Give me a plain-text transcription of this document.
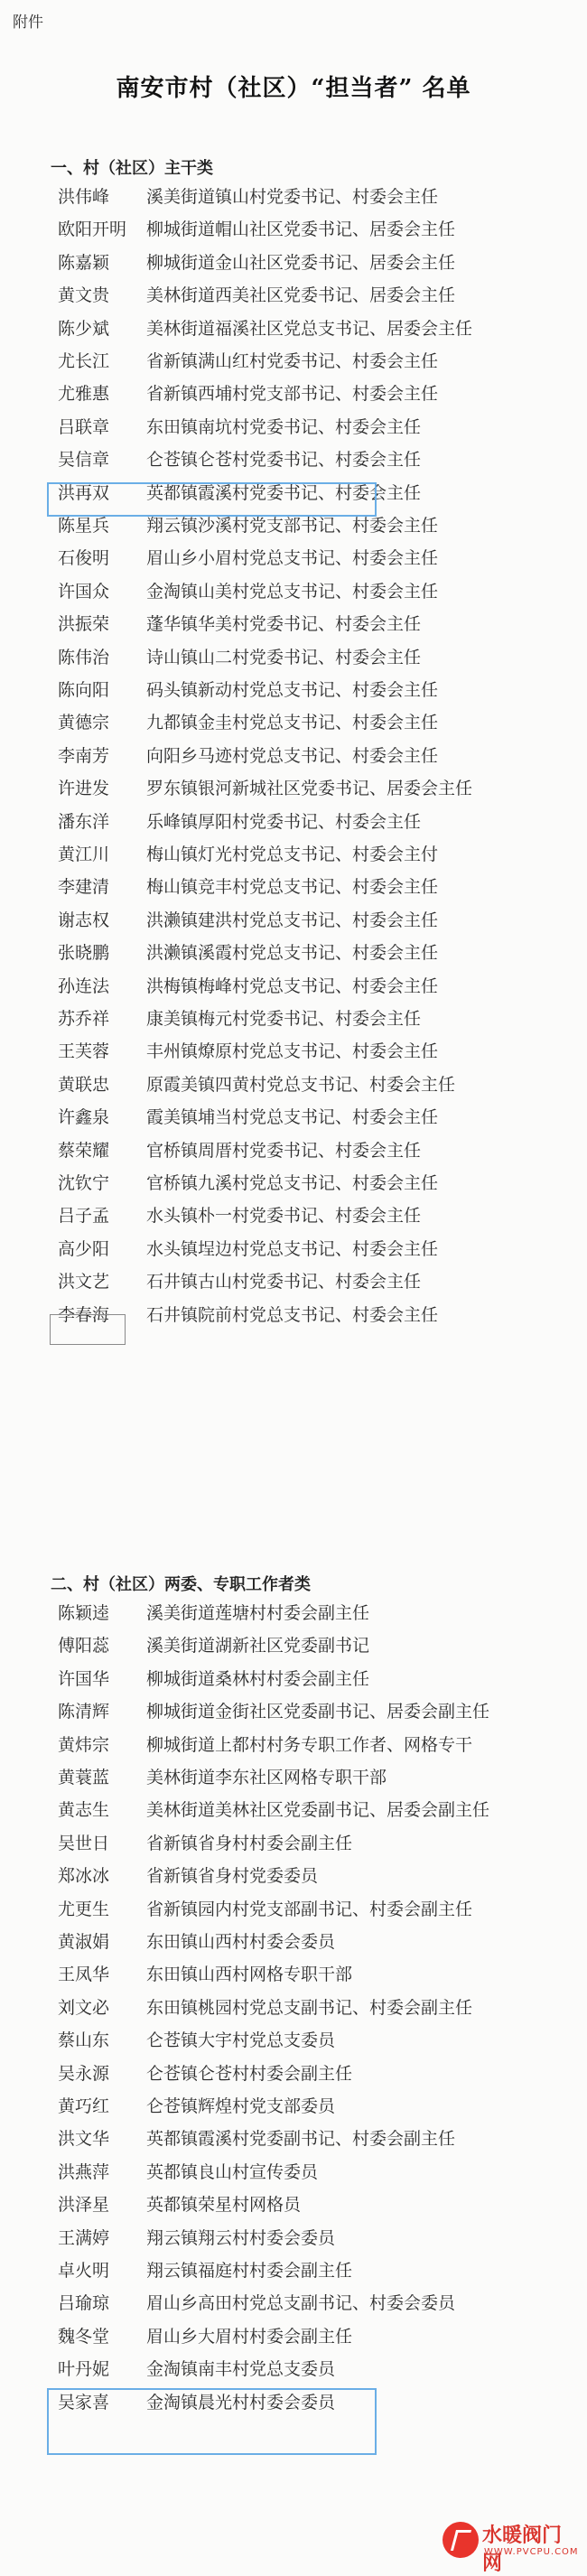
附件
南安市村（社区）“担当者” 名单
一、村（社区）主干类
洪伟峰 溪美街道镇山村党委书记、村委会主任
欧阳开明 柳城街道帽山社区党委书记、居委会主任
陈嘉颖 柳城街道金山社区党委书记、居委会主任
黄文贵 美林街道西美社区党委书记、居委会主任
陈少斌 美林街道福溪社区党总支书记、居委会主任
尤长江 省新镇满山红村党委书记、村委会主任
尤雅惠 省新镇西埔村党支部书记、村委会主任
吕联章 东田镇南坑村党委书记、村委会主任
吴信章 仑苍镇仑苍村党委书记、村委会主任
洪再双 英都镇霞溪村党委书记、村委会主任
陈星兵 翔云镇沙溪村党支部书记、村委会主任
石俊明 眉山乡小眉村党总支书记、村委会主任
许国众 金淘镇山美村党总支书记、村委会主任
洪振荣 蓬华镇华美村党委书记、村委会主任
陈伟治 诗山镇山二村党委书记、村委会主任
陈向阳 码头镇新动村党总支书记、村委会主任
黄德宗 九都镇金圭村党总支书记、村委会主任
李南芳 向阳乡马迹村党总支书记、村委会主任
许进发 罗东镇银河新城社区党委书记、居委会主任
潘东洋 乐峰镇厚阳村党委书记、村委会主任
黄江川 梅山镇灯光村党总支书记、村委会主付
李建清 梅山镇竞丰村党总支书记、村委会主任
谢志权 洪濑镇建洪村党总支书记、村委会主任
张晓鹏 洪濑镇溪霞村党总支书记、村委会主任
孙连法 洪梅镇梅峰村党总支书记、村委会主任
苏乔祥 康美镇梅元村党委书记、村委会主任
王芙蓉 丰州镇燎原村党总支书记、村委会主任
黄联忠 原霞美镇四黄村党总支书记、村委会主任
许鑫泉 霞美镇埔当村党总支书记、村委会主任
蔡荣耀 官桥镇周厝村党委书记、村委会主任
沈钦宁 官桥镇九溪村党总支书记、村委会主任
吕子孟 水头镇朴一村党委书记、村委会主任
高少阳 水头镇埕边村党总支书记、村委会主任
洪文艺 石井镇古山村党委书记、村委会主任
李春海 石井镇院前村党总支书记、村委会主任
二、村（社区）两委、专职工作者类
陈颖逵 溪美街道莲塘村村委会副主任
傅阳蕊 溪美街道湖新社区党委副书记
许国华 柳城街道桑林村村委会副主任
陈清辉 柳城街道金街社区党委副书记、居委会副主任
黄炜宗 柳城街道上都村村务专职工作者、网格专干
黄蓑蓝 美林街道李东社区网格专职干部
黄志生 美林街道美林社区党委副书记、居委会副主任
吴世日 省新镇省身村村委会副主任
郑冰冰 省新镇省身村党委委员
尤更生 省新镇园内村党支部副书记、村委会副主任
黄淑娟 东田镇山西村村委会委员
王凤华 东田镇山西村网格专职干部
刘文必 东田镇桃园村党总支副书记、村委会副主任
蔡山东 仑苍镇大宇村党总支委员
吴永源 仑苍镇仑苍村村委会副主任
黄巧红 仑苍镇辉煌村党支部委员
洪文华 英都镇霞溪村党委副书记、村委会副主任
洪燕萍 英都镇良山村宣传委员
洪泽星 英都镇荣星村网格员
王满婷 翔云镇翔云村村委会委员
卓火明 翔云镇福庭村村委会副主任
吕瑜琼 眉山乡高田村党总支副书记、村委会委员
魏冬堂 眉山乡大眉村村委会副主任
叶丹妮 金淘镇南丰村党总支委员
吴家喜 金淘镇晨光村村委会委员
水暖阀门网
WWW.PVCPU.COM
